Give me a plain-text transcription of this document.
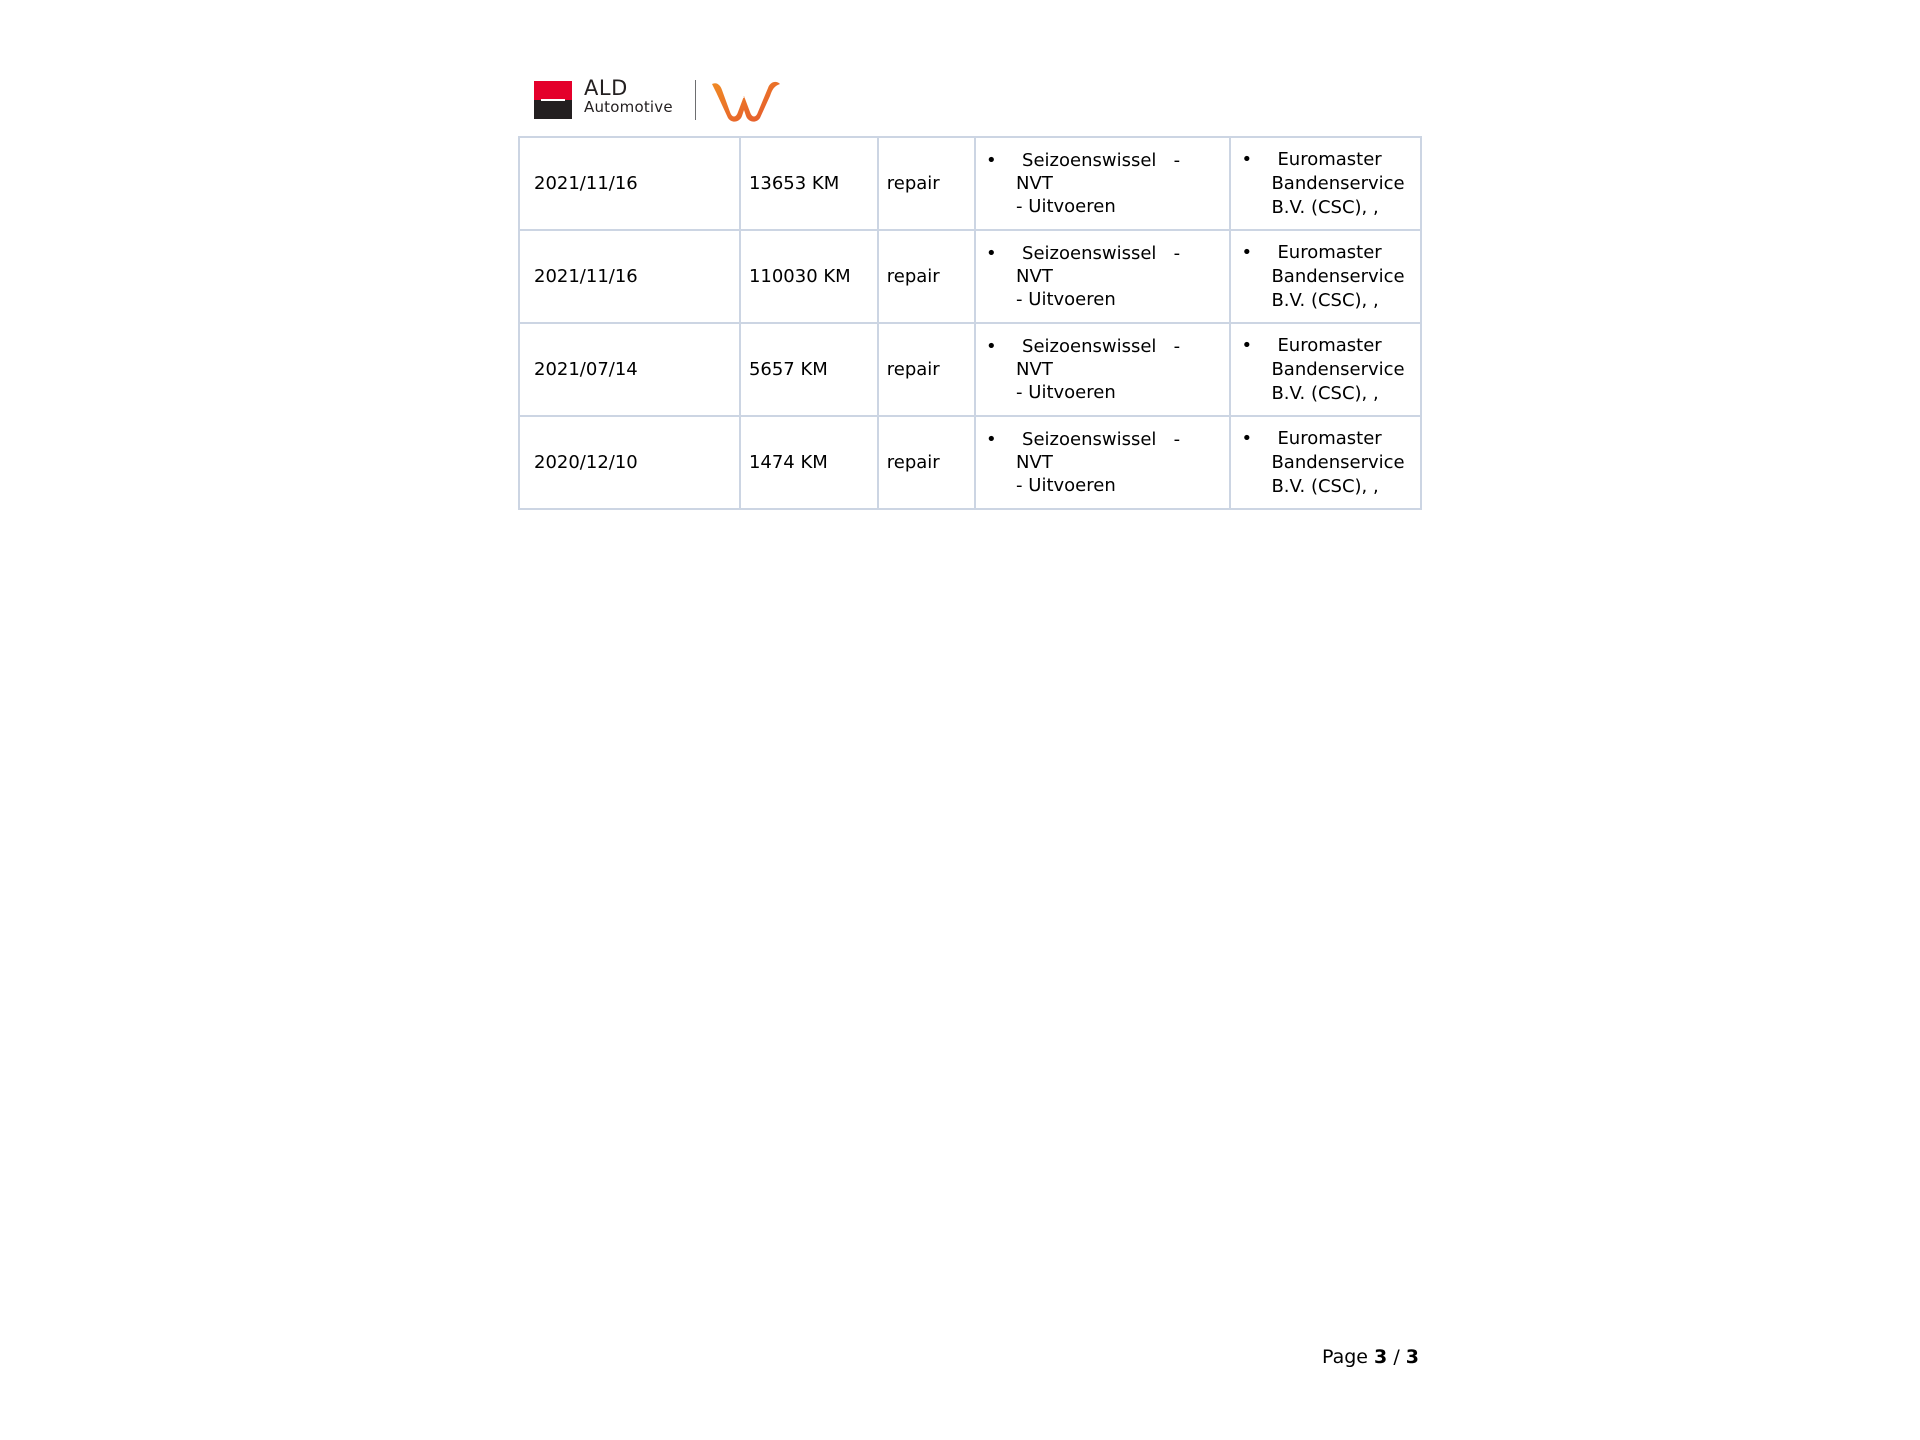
ALD
Automotive
LeasePlan
2021/11/16	13653 KM	repair	• Seizoenswissel   -
NVT
- Uitvoeren	• Euromaster
Bandenservice
B.V. (CSC), ,

2021/11/16	110030 KM	repair	• Seizoenswissel   -
NVT
- Uitvoeren	• Euromaster
Bandenservice
B.V. (CSC), ,

2021/07/14	5657 KM	repair	• Seizoenswissel   -
NVT
- Uitvoeren	• Euromaster
Bandenservice
B.V. (CSC), ,

2020/12/10	1474 KM	repair	• Seizoenswissel   -
NVT
- Uitvoeren	• Euromaster
Bandenservice
B.V. (CSC), ,
Page 3 / 3
